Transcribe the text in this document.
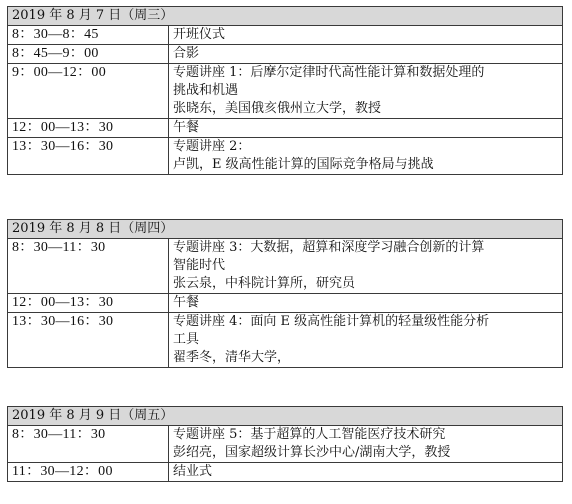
2019 年 8 月 7 日（周三）	
8：30—8：45	开班仪式

8：45—9：00	合影

9：00—12：00	专题讲座 1：后摩尔定律时代高性能计算和数据处理的
挑战和机遇
张晓东，美国俄亥俄州立大学，教授

12：00—13：30	午餐

13：30—16：30	专题讲座 2：
卢凯，E 级高性能计算的国际竞争格局与挑战
2019 年 8 月 8 日（周四）	
8：30—11：30	专题讲座 3：大数据，超算和深度学习融合创新的计算
智能时代
张云泉，中科院计算所，研究员

12：00—13：30	午餐

13：30—16：30	专题讲座 4：面向 E 级高性能计算机的轻量级性能分析
工具
翟季冬，清华大学，
2019 年 8 月 9 日（周五）	
8：30—11：30	专题讲座 5：基于超算的人工智能医疗技术研究
彭绍亮，国家超级计算长沙中心/湖南大学，教授

11：30—12：00	结业式
